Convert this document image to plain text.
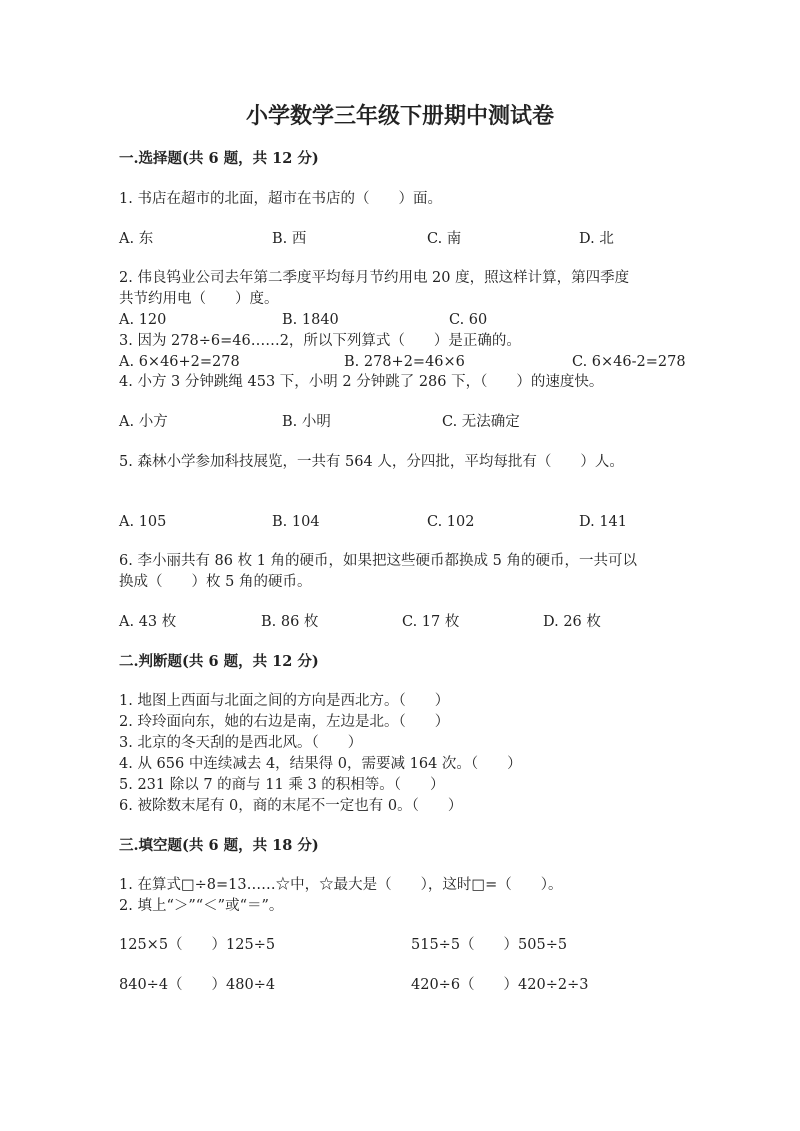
小学数学三年级下册期中测试卷
一.选择题(共 6 题，共 12 分)
1. 书店在超市的北面，超市在书店的（　　）面。
A. 东	B. 西	C. 南	D. 北
2. 伟良钨业公司去年第二季度平均每月节约用电 20 度，照这样计算，第四季度
共节约用电（　　）度。
A. 120	B. 1840	C. 60
3. 因为 278÷6=46……2，所以下列算式（　　）是正确的。
A. 6×46+2=278	B. 278+2=46×6	C. 6×46-2=278
4. 小方 3 分钟跳绳 453 下，小明 2 分钟跳了 286 下，（　　）的速度快。
A. 小方	B. 小明	C. 无法确定
5. 森林小学参加科技展览，一共有 564 人，分四批，平均每批有（　　）人。
A. 105	B. 104	C. 102	D. 141
6. 李小丽共有 86 枚 1 角的硬币，如果把这些硬币都换成 5 角的硬币，一共可以
换成（　　）枚 5 角的硬币。
A. 43 枚	B. 86 枚	C. 17 枚	D. 26 枚
二.判断题(共 6 题，共 12 分)
1. 地图上西面与北面之间的方向是西北方。（　　）
2. 玲玲面向东，她的右边是南，左边是北。（　　）
3. 北京的冬天刮的是西北风。（　　）
4. 从 656 中连续减去 4，结果得 0，需要减 164 次。（　　）
5. 231 除以 7 的商与 11 乘 3 的积相等。（　　）
6. 被除数末尾有 0，商的末尾不一定也有 0。（　　）
三.填空题(共 6 题，共 18 分)
1. 在算式□÷8=13……☆中，☆最大是（　　），这时□=（　　）。
2. 填上“＞”“＜”或“＝”。
125×5（　　）125÷5	515÷5（　　）505÷5
840÷4（　　）480÷4	420÷6（　　）420÷2÷3
